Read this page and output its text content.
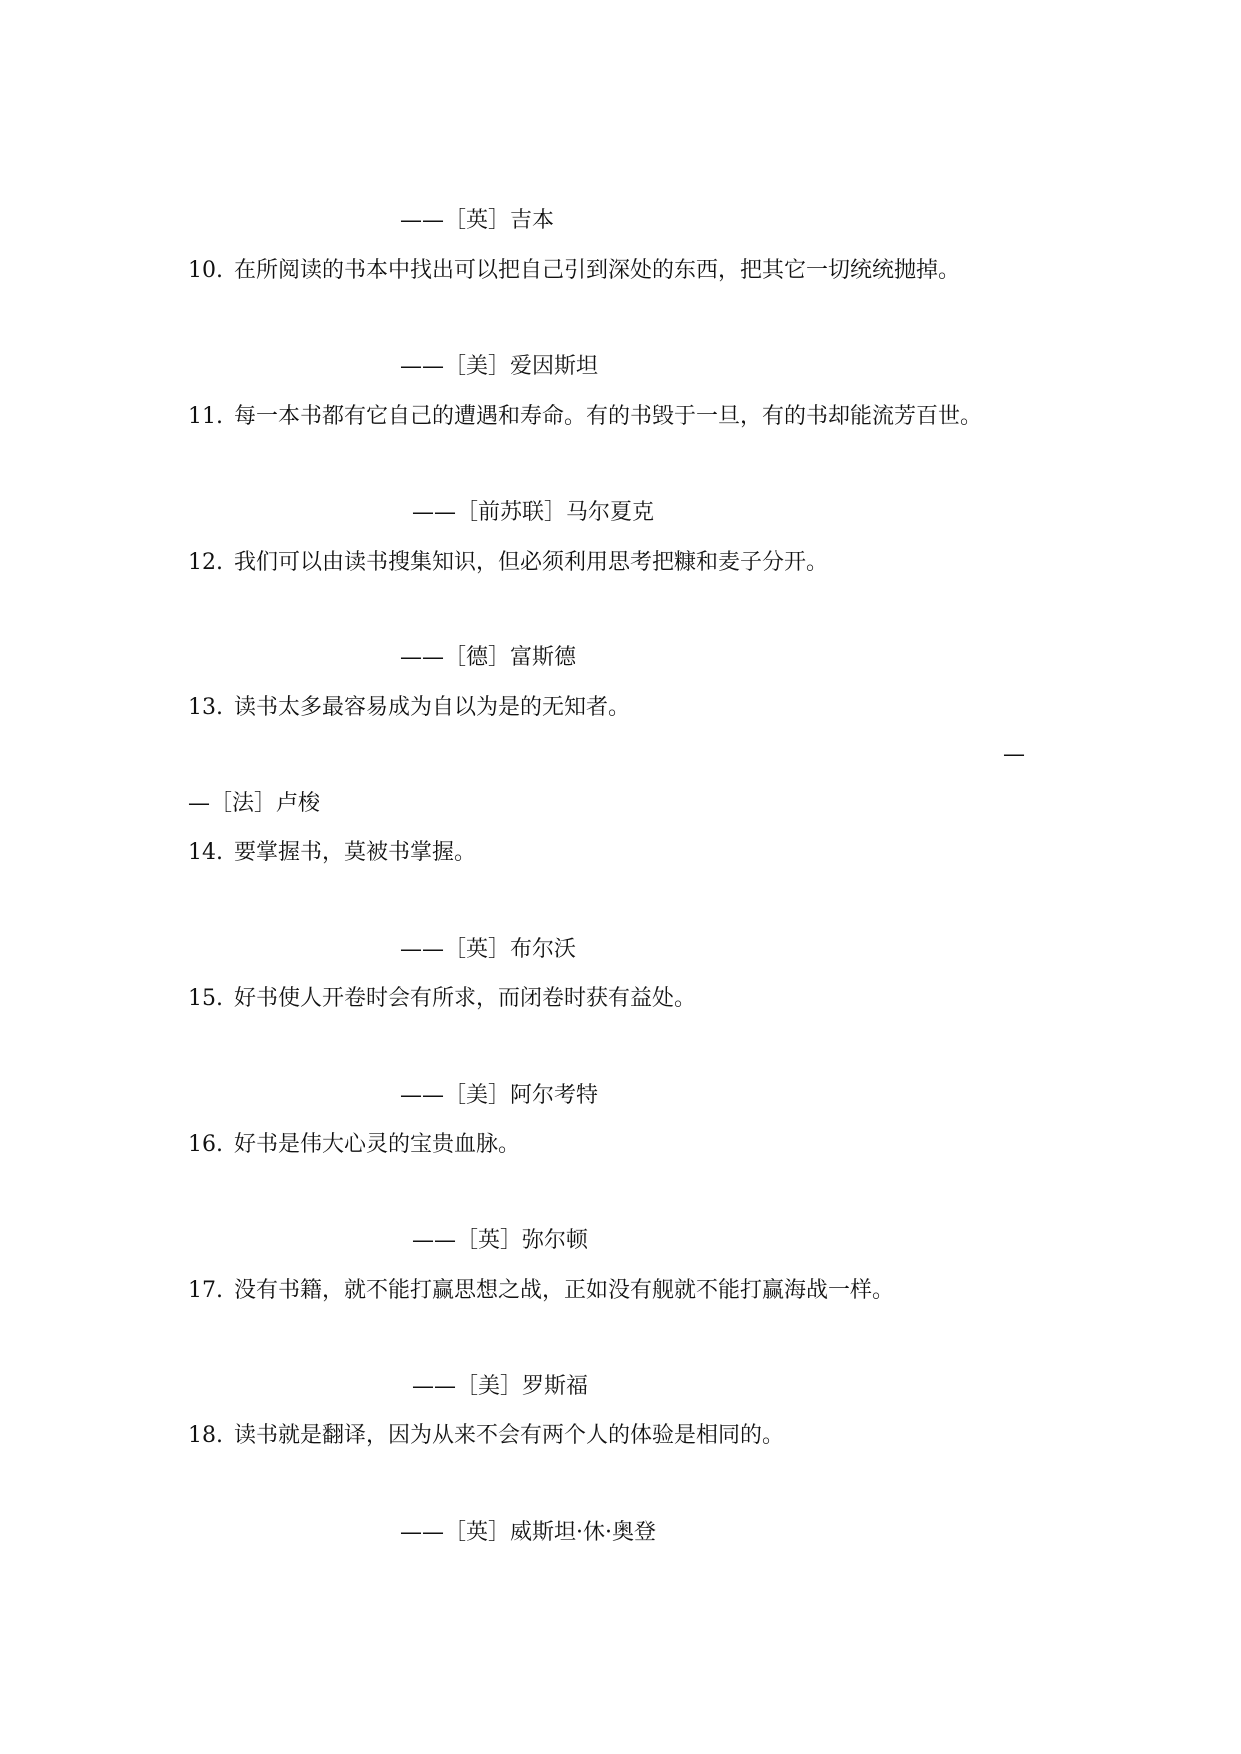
——［英］吉本
10. 在所阅读的书本中找出可以把自己引到深处的东西，把其它一切统统抛掉。
——［美］爱因斯坦
11. 每一本书都有它自己的遭遇和寿命。有的书毁于一旦，有的书却能流芳百世。
——［前苏联］马尔夏克
12. 我们可以由读书搜集知识，但必须利用思考把糠和麦子分开。
——［德］富斯德
13. 读书太多最容易成为自以为是的无知者。
—
—［法］卢梭
14. 要掌握书，莫被书掌握。
——［英］布尔沃
15. 好书使人开卷时会有所求，而闭卷时获有益处。
——［美］阿尔考特
16. 好书是伟大心灵的宝贵血脉。
——［英］弥尔顿
17. 没有书籍，就不能打赢思想之战，正如没有舰就不能打赢海战一样。
——［美］罗斯福
18. 读书就是翻译，因为从来不会有两个人的体验是相同的。
——［英］威斯坦·休·奥登
